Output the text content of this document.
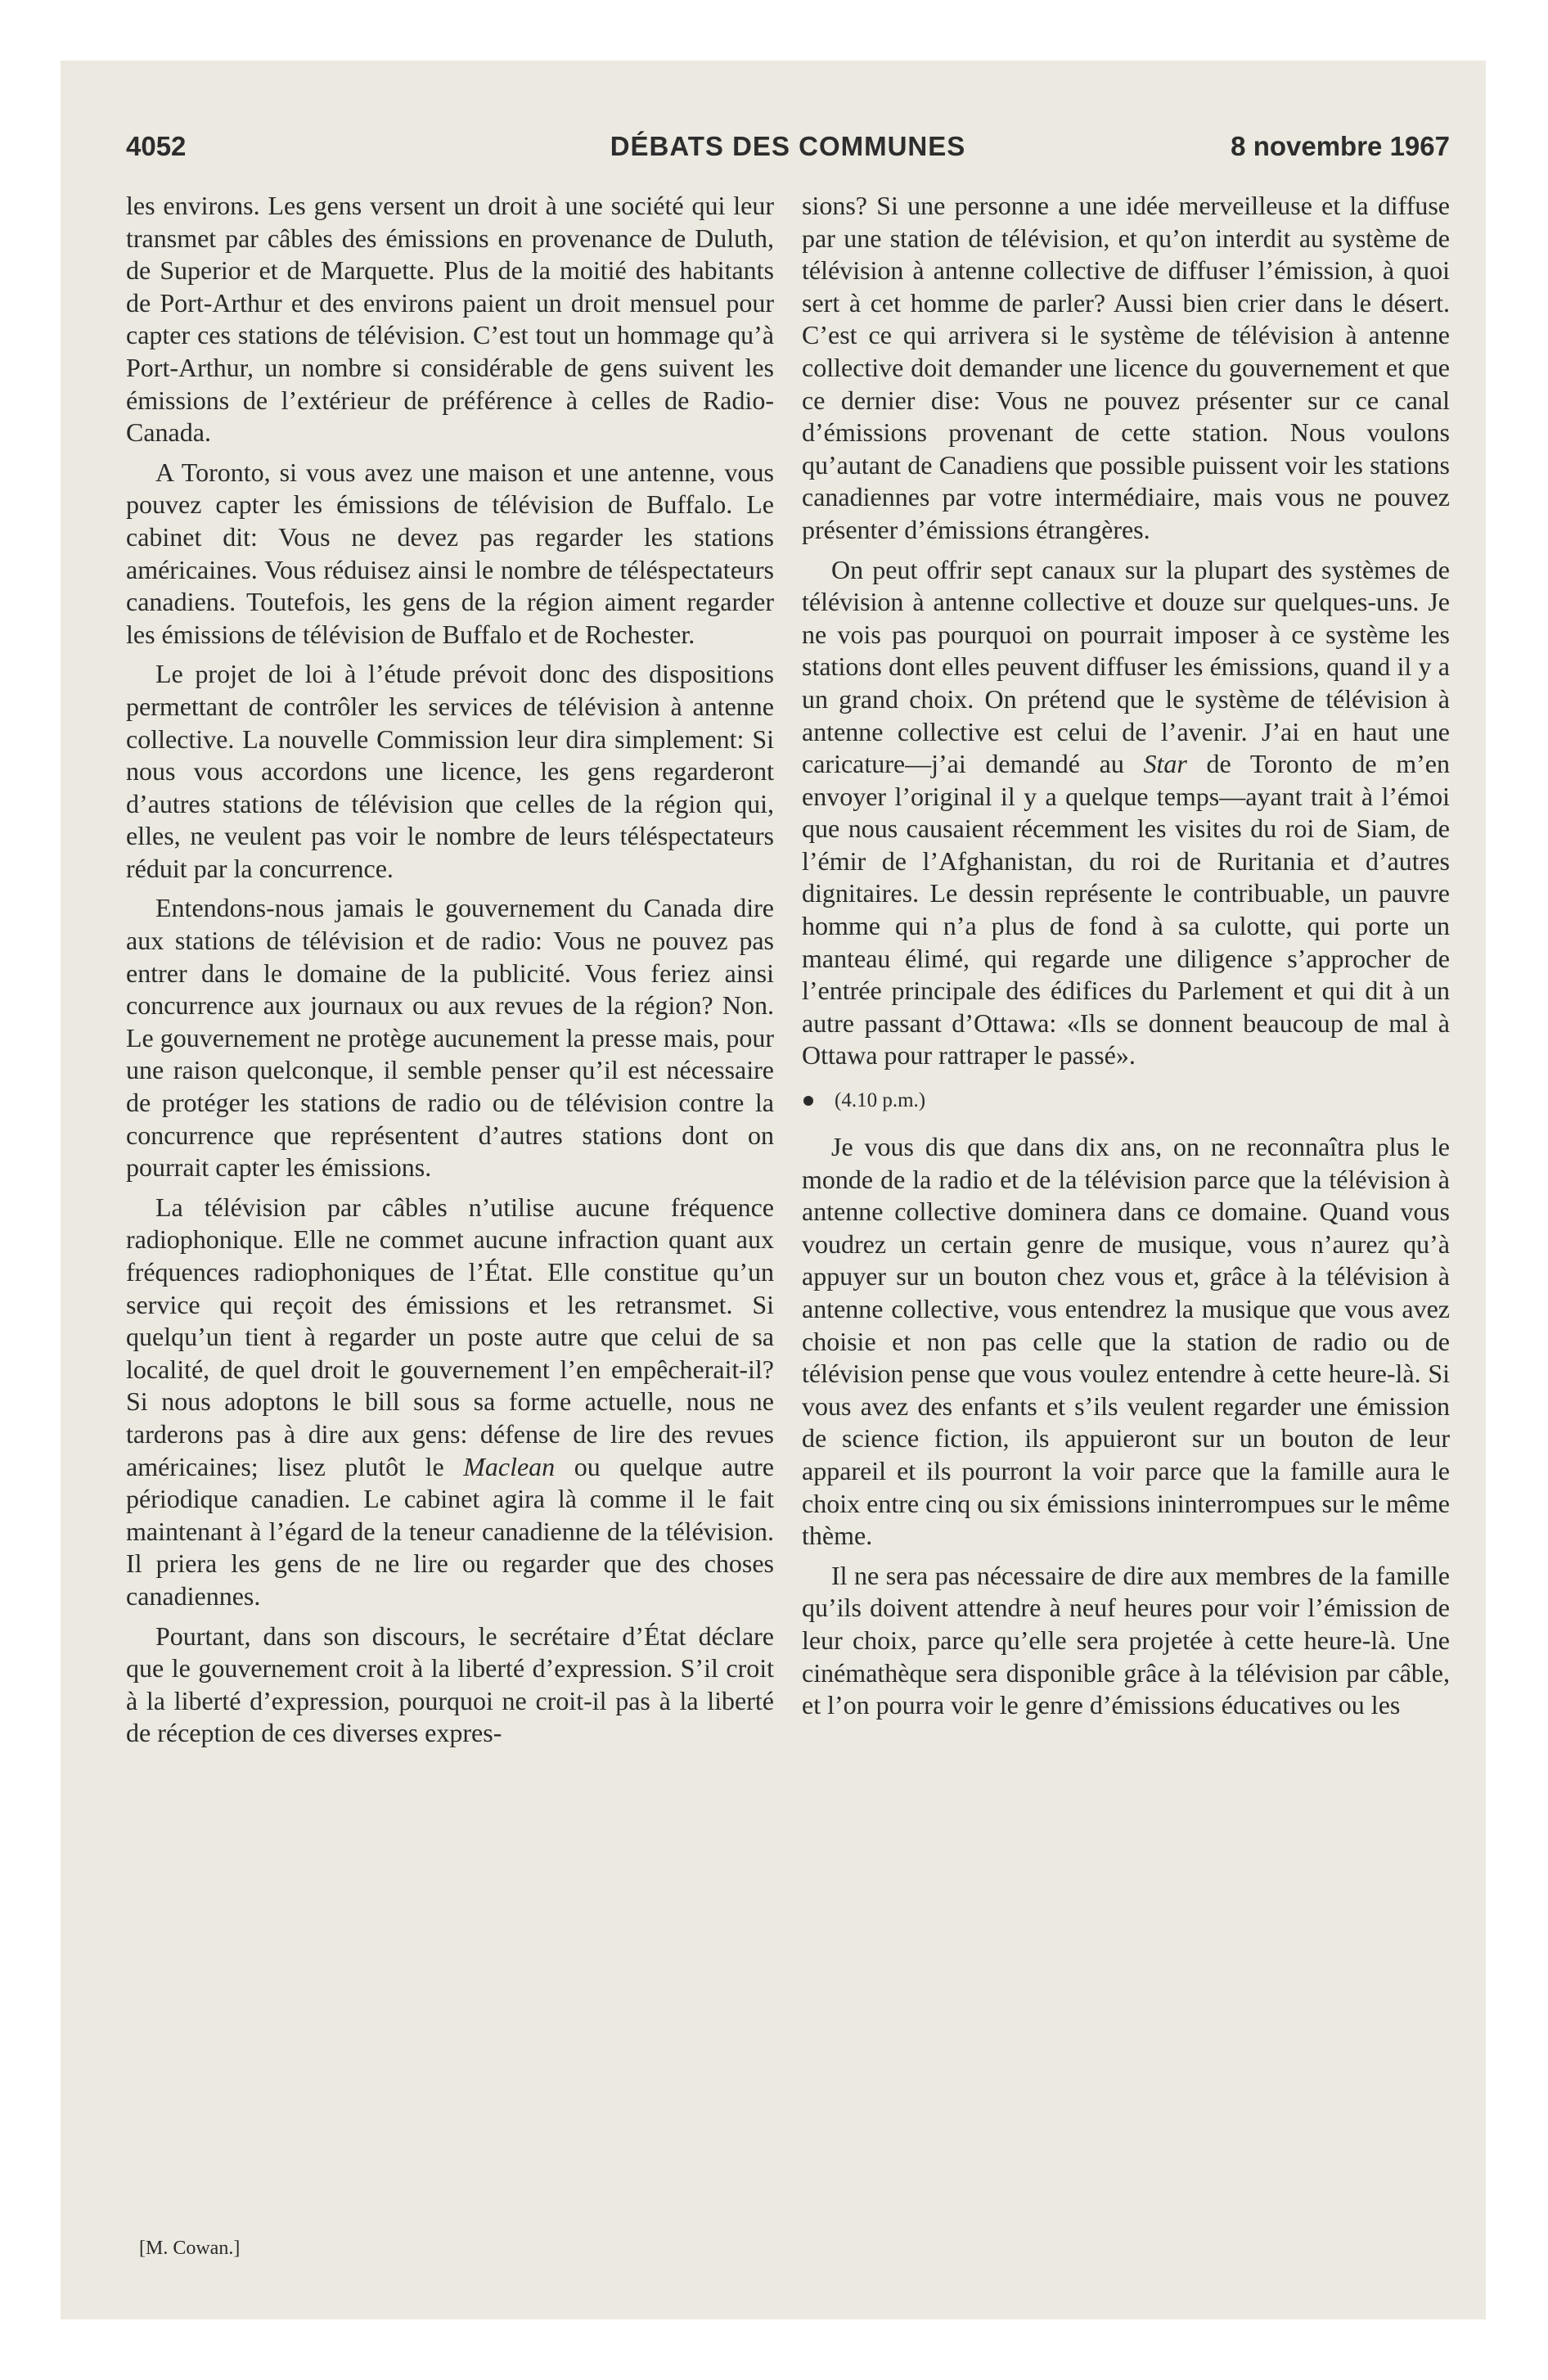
4052	DÉBATS DES COMMUNES	8 novembre 1967

les environs. Les gens versent un droit à une société qui leur transmet par câbles des émissions en provenance de Duluth, de Superior et de Marquette. Plus de la moitié des habitants de Port-Arthur et des environs paient un droit mensuel pour capter ces stations de télévision. C’est tout un hommage qu’à Port-Arthur, un nombre si considérable de gens suivent les émissions de l’extérieur de préférence à celles de Radio-Canada.

A Toronto, si vous avez une maison et une antenne, vous pouvez capter les émissions de télévision de Buffalo. Le cabinet dit: Vous ne devez pas regarder les stations américaines. Vous réduisez ainsi le nombre de téléspectateurs canadiens. Toutefois, les gens de la région aiment regarder les émissions de télévision de Buffalo et de Rochester.

Le projet de loi à l’étude prévoit donc des dispositions permettant de contrôler les services de télévision à antenne collective. La nouvelle Commission leur dira simplement: Si nous vous accordons une licence, les gens regarderont d’autres stations de télévision que celles de la région qui, elles, ne veulent pas voir le nombre de leurs téléspectateurs réduit par la concurrence.

Entendons-nous jamais le gouvernement du Canada dire aux stations de télévision et de radio: Vous ne pouvez pas entrer dans le domaine de la publicité. Vous feriez ainsi concurrence aux journaux ou aux revues de la région? Non. Le gouvernement ne protège aucunement la presse mais, pour une raison quelconque, il semble penser qu’il est nécessaire de protéger les stations de radio ou de télévision contre la concurrence que représentent d’autres stations dont on pourrait capter les émissions.

La télévision par câbles n’utilise aucune fréquence radiophonique. Elle ne commet aucune infraction quant aux fréquences radiophoniques de l’État. Elle constitue qu’un service qui reçoit des émissions et les retransmet. Si quelqu’un tient à regarder un poste autre que celui de sa localité, de quel droit le gouvernement l’en empêcherait-il? Si nous adoptons le bill sous sa forme actuelle, nous ne tarderons pas à dire aux gens: défense de lire des revues américaines; lisez plutôt le Maclean ou quelque autre périodique canadien. Le cabinet agira là comme il le fait maintenant à l’égard de la teneur canadienne de la télévision. Il priera les gens de ne lire ou regarder que des choses canadiennes.

Pourtant, dans son discours, le secrétaire d’État déclare que le gouvernement croit à la liberté d’expression. S’il croit à la liberté d’expression, pourquoi ne croit-il pas à la liberté de réception de ces diverses expres-

[M. Cowan.]

sions? Si une personne a une idée merveilleuse et la diffuse par une station de télévision, et qu’on interdit au système de télévision à antenne collective de diffuser l’émission, à quoi sert à cet homme de parler? Aussi bien crier dans le désert. C’est ce qui arrivera si le système de télévision à antenne collective doit demander une licence du gouvernement et que ce dernier dise: Vous ne pouvez présenter sur ce canal d’émissions provenant de cette station. Nous voulons qu’autant de Canadiens que possible puissent voir les stations canadiennes par votre intermédiaire, mais vous ne pouvez présenter d’émissions étrangères.

On peut offrir sept canaux sur la plupart des systèmes de télévision à antenne collective et douze sur quelques-uns. Je ne vois pas pourquoi on pourrait imposer à ce système les stations dont elles peuvent diffuser les émissions, quand il y a un grand choix. On prétend que le système de télévision à antenne collective est celui de l’avenir. J’ai en haut une caricature—j’ai demandé au Star de Toronto de m’en envoyer l’original il y a quelque temps—ayant trait à l’émoi que nous causaient récemment les visites du roi de Siam, de l’émir de l’Afghanistan, du roi de Ruritania et d’autres dignitaires. Le dessin représente le contribuable, un pauvre homme qui n’a plus de fond à sa culotte, qui porte un manteau élimé, qui regarde une diligence s’approcher de l’entrée principale des édifices du Parlement et qui dit à un autre passant d’Ottawa: «Ils se donnent beaucoup de mal à Ottawa pour rattraper le passé».

(4.10 p.m.)

Je vous dis que dans dix ans, on ne reconnaîtra plus le monde de la radio et de la télévision parce que la télévision à antenne collective dominera dans ce domaine. Quand vous voudrez un certain genre de musique, vous n’aurez qu’à appuyer sur un bouton chez vous et, grâce à la télévision à antenne collective, vous entendrez la musique que vous avez choisie et non pas celle que la station de radio ou de télévision pense que vous voulez entendre à cette heure-là. Si vous avez des enfants et s’ils veulent regarder une émission de science fiction, ils appuieront sur un bouton de leur appareil et ils pourront la voir parce que la famille aura le choix entre cinq ou six émissions ininterrompues sur le même thème.

Il ne sera pas nécessaire de dire aux membres de la famille qu’ils doivent attendre à neuf heures pour voir l’émission de leur choix, parce qu’elle sera projetée à cette heure-là. Une cinémathèque sera disponible grâce à la télévision par câble, et l’on pourra voir le genre d’émissions éducatives ou les
